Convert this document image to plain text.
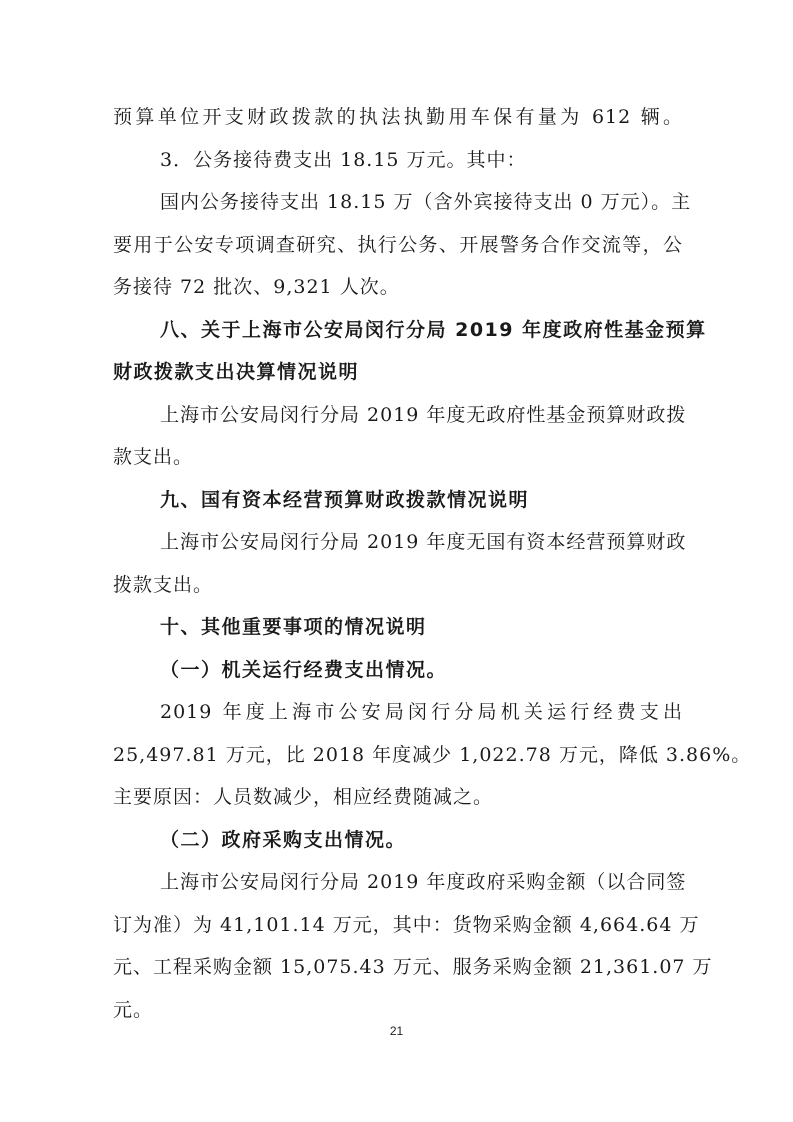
预算单位开支财政拨款的执法执勤用车保有量为 612 辆。
3．公务接待费支出 18.15 万元。其中：
国内公务接待支出 18.15 万（含外宾接待支出 0 万元）。主
要用于公安专项调查研究、执行公务、开展警务合作交流等，公
务接待 72 批次、9,321 人次。
八、关于上海市公安局闵行分局 2019 年度政府性基金预算
财政拨款支出决算情况说明
上海市公安局闵行分局 2019 年度无政府性基金预算财政拨
款支出。
九、国有资本经营预算财政拨款情况说明
上海市公安局闵行分局 2019 年度无国有资本经营预算财政
拨款支出。
十、其他重要事项的情况说明
（一）机关运行经费支出情况。
2019 年度上海市公安局闵行分局机关运行经费支出
25,497.81 万元，比 2018 年度减少 1,022.78 万元，降低 3.86%。
主要原因：人员数减少，相应经费随减之。
（二）政府采购支出情况。
21
上海市公安局闵行分局 2019 年度政府采购金额（以合同签
订为准）为 41,101.14 万元，其中：货物采购金额 4,664.64 万
元、工程采购金额 15,075.43 万元、服务采购金额 21,361.07 万
元。
